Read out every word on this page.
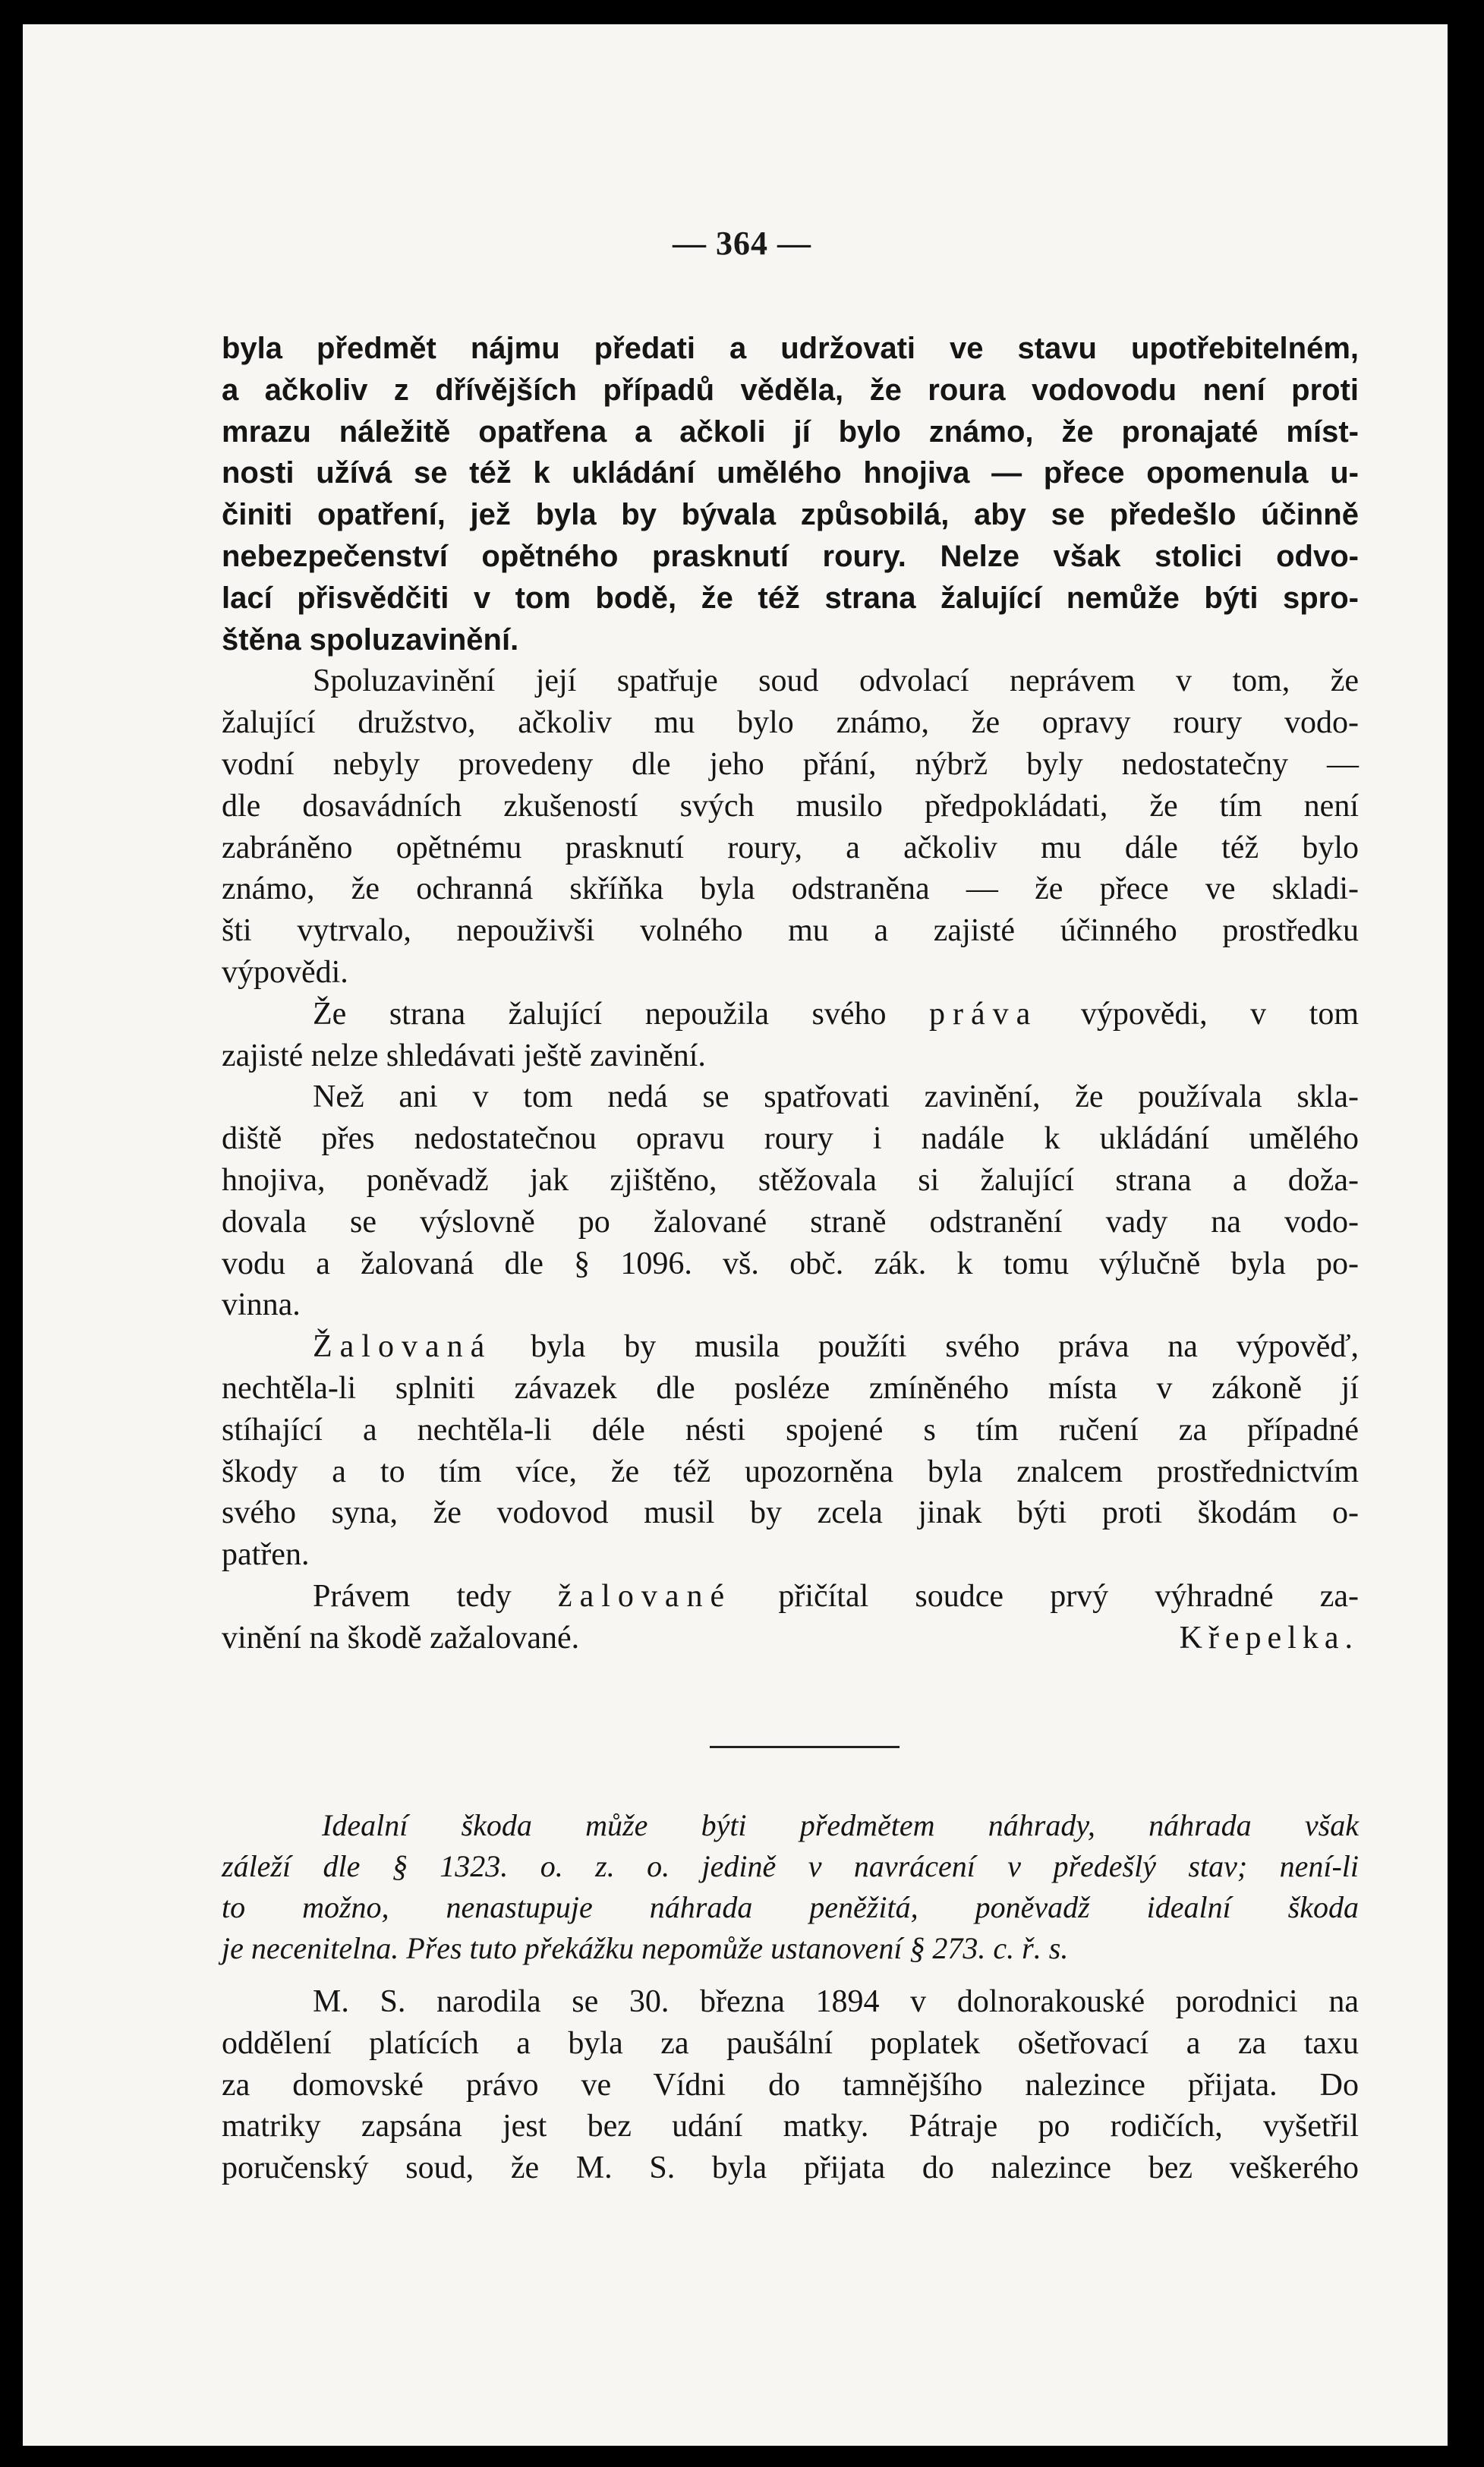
— 364 —

byla předmět nájmu předati a udržovati ve stavu upotřebitelném,
a ačkoliv z dřívějších případů věděla, že roura vodovodu není proti
mrazu náležitě opatřena a ačkoli jí bylo známo, že pronajaté míst-
nosti užívá se též k ukládání umělého hnojiva — přece opomenula u-
činiti opatření, jež byla by bývala způsobilá, aby se předešlo účinně
nebezpečenství opětného prasknutí roury. Nelze však stolici odvo-
lací přisvědčiti v tom bodě, že též strana žalující nemůže býti spro-
štěna spoluzavinění.

Spoluzavinění její spatřuje soud odvolací neprávem v tom, že
žalující družstvo, ačkoliv mu bylo známo, že opravy roury vodo-
vodní nebyly provedeny dle jeho přání, nýbrž byly nedostatečny —
dle dosavádních zkušeností svých musilo předpokládati, že tím není
zabráněno opětnému prasknutí roury, a ačkoliv mu dále též bylo
známo, že ochranná skříňka byla odstraněna — že přece ve skladi-
šti vytrvalo, nepouživši volného mu a zajisté účinného prostředku
výpovědi.

Že strana žalující nepoužila svého práva výpovědi, v tom
zajisté nelze shledávati ještě zavinění.

Než ani v tom nedá se spatřovati zavinění, že používala skla-
diště přes nedostatečnou opravu roury i nadále k ukládání umělého
hnojiva, poněvadž jak zjištěno, stěžovala si žalující strana a doža-
dovala se výslovně po žalované straně odstranění vady na vodo-
vodu a žalovaná dle § 1096. vš. obč. zák. k tomu výlučně byla po-
vinna.

Žalovaná byla by musila použíti svého práva na výpověď,
nechtěla-li splniti závazek dle posléze zmíněného místa v zákoně jí
stíhající a nechtěla-li déle nésti spojené s tím ručení za případné
škody a to tím více, že též upozorněna byla znalcem prostřednictvím
svého syna, že vodovod musil by zcela jinak býti proti škodám o-
patřen.

Právem tedy žalované přičítal soudce prvý výhradné za-
vinění na škodě zažalované.	Křepelka.

Idealní škoda může býti předmětem náhrady, náhrada však
záleží dle § 1323. o. z. o. jedině v navrácení v předešlý stav; není-li
to možno, nenastupuje náhrada peněžitá, poněvadž idealní škoda
je necenitelna. Přes tuto překážku nepomůže ustanovení § 273. c. ř. s.

M. S. narodila se 30. března 1894 v dolnorakouské porodnici na
oddělení platících a byla za paušální poplatek ošetřovací a za taxu
za domovské právo ve Vídni do tamnějšího nalezince přijata. Do
matriky zapsána jest bez udání matky. Pátraje po rodičích, vyšetřil
poručenský soud, že M. S. byla přijata do nalezince bez veškerého
